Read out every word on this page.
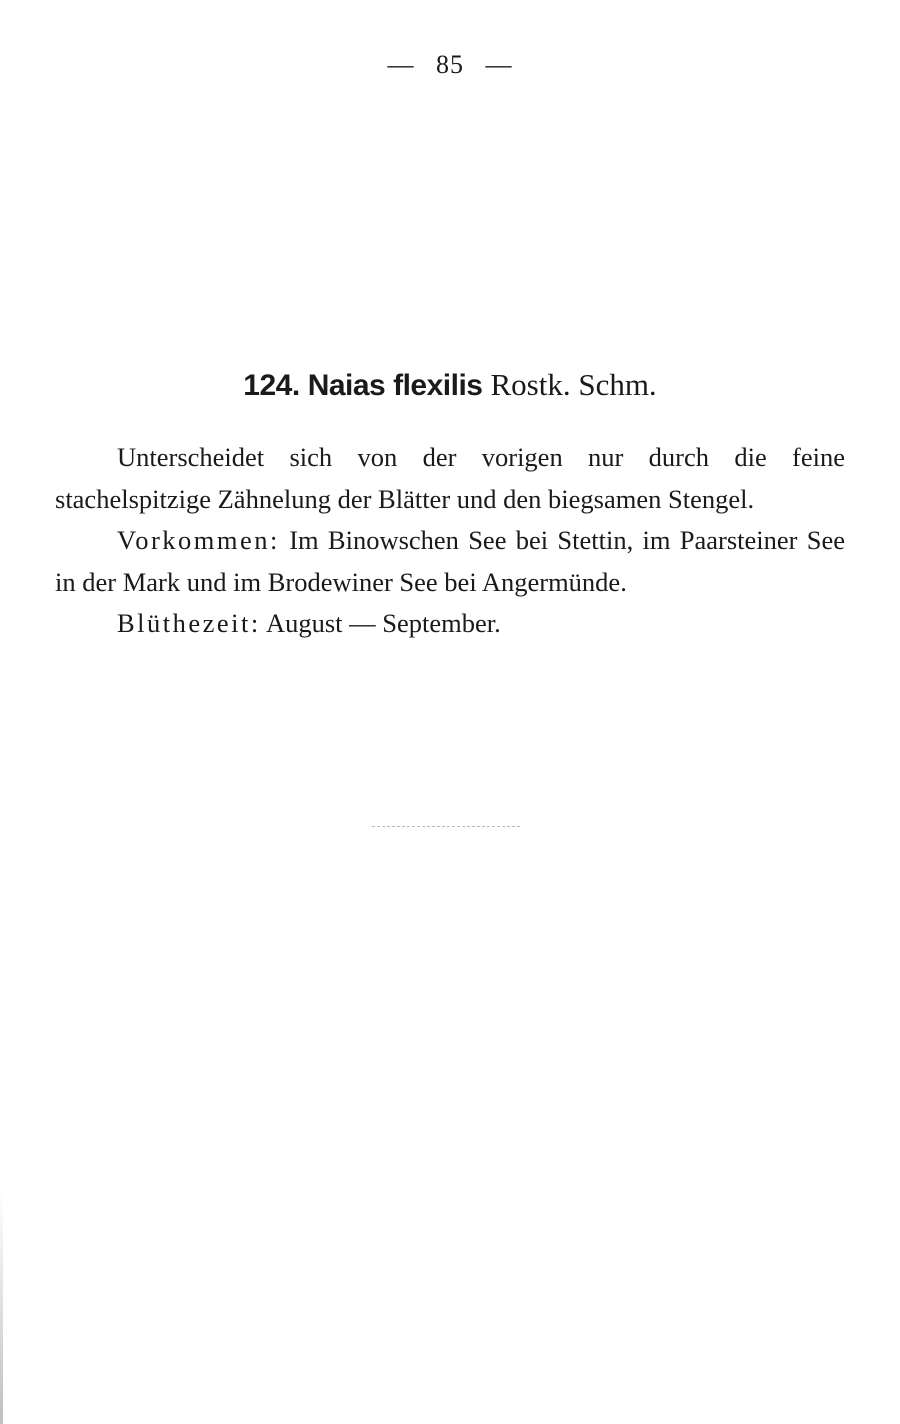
— 85 —
124. Naias flexilis Rostk. Schm.

Unterscheidet sich von der vorigen nur durch die feine stachelspitzige Zähnelung der Blätter und den biegsamen Stengel.

Vorkommen: Im Binowschen See bei Stettin, im Paarsteiner See in der Mark und im Brodewiner See bei Angermünde.

Blüthezeit: August — September.
